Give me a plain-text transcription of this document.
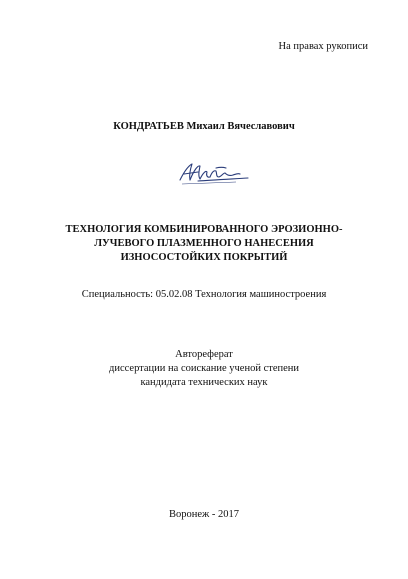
На правах рукописи
КОНДРАТЬЕВ Михаил Вячеславович
ТЕХНОЛОГИЯ КОМБИНИРОВАННОГО ЭРОЗИОННО-
ЛУЧЕВОГО ПЛАЗМЕННОГО НАНЕСЕНИЯ
ИЗНОСОСТОЙКИХ ПОКРЫТИЙ
Специальность: 05.02.08 Технология машиностроения
Автореферат
диссертации на соискание ученой степени
кандидата технических наук
Воронеж - 2017
